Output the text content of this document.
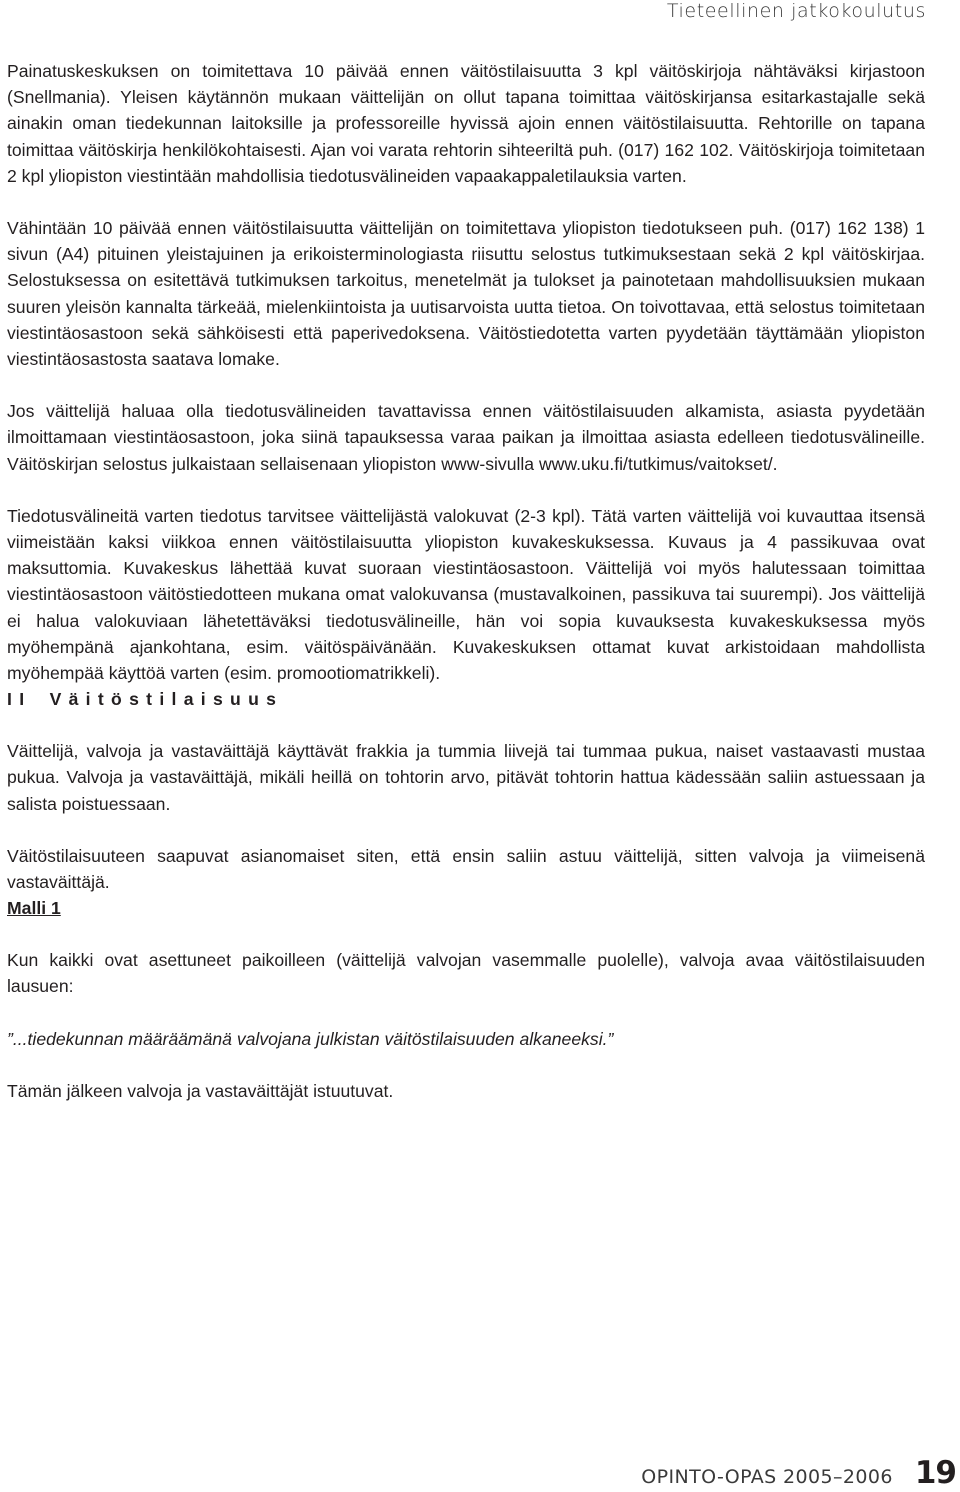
Tieteellinen jatkokoulutus

Painatuskeskuksen on toimitettava 10 päivää ennen väitöstilaisuutta 3 kpl väitöskirjoja nähtäväksi kirjastoon (Snellmania). Yleisen käytännön mukaan väittelijän on ollut tapana toimittaa väitöskirjansa esitarkastajalle sekä ainakin oman tiedekunnan laitoksille ja professoreille hyvissä ajoin ennen väitöstilaisuutta. Rehtorille on tapana toimittaa väitöskirja henkilökohtaisesti. Ajan voi varata rehtorin sihteeriltä puh. (017) 162 102. Väitöskirjoja toimitetaan 2 kpl yliopiston viestintään mahdollisia tiedotusvälineiden vapaakappaletilauksia varten.

Vähintään 10 päivää ennen väitöstilaisuutta väittelijän on toimitettava yliopiston tiedotukseen puh. (017) 162 138) 1 sivun (A4) pituinen yleistajuinen ja erikoisterminologiasta riisuttu selostus tutkimuksestaan sekä 2 kpl väitöskirjaa. Selostuksessa on esitettävä tutkimuksen tarkoitus, menetelmät ja tulokset ja painotetaan mahdollisuuksien mukaan suuren yleisön kannalta tärkeää, mielenkiintoista ja uutisarvoista uutta tietoa. On toivottavaa, että selostus toimitetaan viestintäosastoon sekä sähköisesti että paperivedoksena. Väitöstiedotetta varten pyydetään täyttämään yliopiston viestintäosastosta saatava lomake.

Jos väittelijä haluaa olla tiedotusvälineiden tavattavissa ennen väitöstilaisuuden alkamista, asiasta pyydetään ilmoittamaan viestintäosastoon, joka siinä tapauksessa varaa paikan ja ilmoittaa asiasta edelleen tiedotusvälineille. Väitöskirjan selostus julkaistaan sellaisenaan yliopiston www-sivulla www.uku.fi/tutkimus/vaitokset/.

Tiedotusvälineitä varten tiedotus tarvitsee väittelijästä valokuvat (2-3 kpl). Tätä varten väittelijä voi kuvauttaa itsensä viimeistään kaksi viikkoa ennen väitöstilaisuutta yliopiston kuvakeskuksessa. Kuvaus ja 4 passikuvaa ovat maksuttomia. Kuvakeskus lähettää kuvat suoraan viestintäosastoon. Väittelijä voi myös halutessaan toimittaa viestintäosastoon väitöstiedotteen mukana omat valokuvansa (mustavalkoinen, passikuva tai suurempi). Jos väittelijä ei halua valokuviaan lähetettäväksi tiedotusvälineille, hän voi sopia kuvauksesta kuvakeskuksessa myös myöhempänä ajankohtana, esim. väitöspäivänään. Kuvakeskuksen ottamat kuvat arkistoidaan mahdollista myöhempää käyttöä varten (esim. promootiomatrikkeli).

II Väitöstilaisuus

Väittelijä, valvoja ja vastaväittäjä käyttävät frakkia ja tummia liivejä tai tummaa pukua, naiset vastaavasti mustaa pukua. Valvoja ja vastaväittäjä, mikäli heillä on tohtorin arvo, pitävät tohtorin hattua kädessään saliin astuessaan ja salista poistuessaan.

Väitöstilaisuuteen saapuvat asianomaiset siten, että ensin saliin astuu väittelijä, sitten valvoja ja viimeisenä vastaväittäjä.

Malli 1

Kun kaikki ovat asettuneet paikoilleen (väittelijä valvojan vasemmalle puolelle), valvoja avaa väitöstilaisuuden lausuen:

”...tiedekunnan määräämänä valvojana julkistan väitöstilaisuuden alkaneeksi.”

Tämän jälkeen valvoja ja vastaväittäjät istuutuvat.

OPINTO-OPAS 2005–2006 19
